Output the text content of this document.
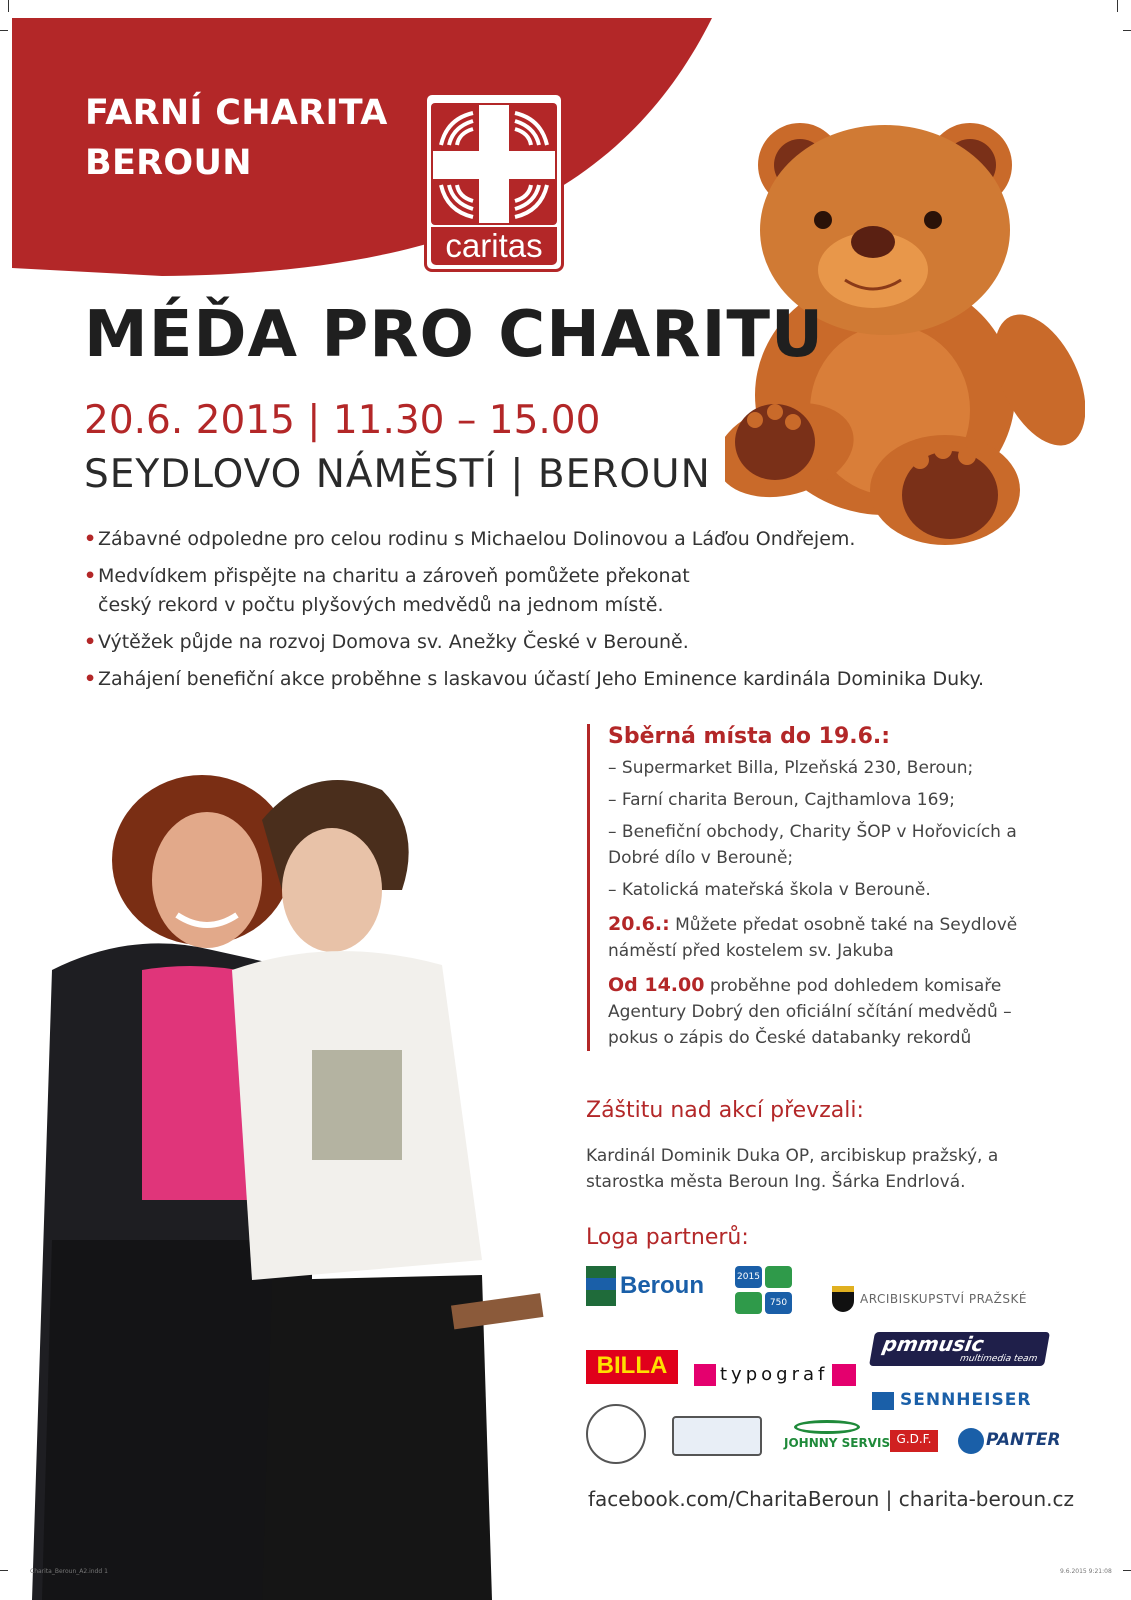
FARNÍ CHARITA
BEROUN
caritas
MÉĎA PRO CHARITU
20.6. 2015 | 11.30 – 15.00
SEYDLOVO NÁMĚSTÍ | BEROUN
• Zábavné odpoledne pro celou rodinu s Michaelou Dolinovou a Láďou Ondřejem.
• Medvídkem přispějte na charitu a zároveň pomůžete překonat český rekord v počtu plyšových medvědů na jednom místě.
• Výtěžek půjde na rozvoj Domova sv. Anežky České v Berouně.
• Zahájení benefiční akce proběhne s laskavou účastí Jeho Eminence kardinála Dominika Duky.
Sběrná místa do 19.6.:
– Supermarket Billa, Plzeňská 230, Beroun;
– Farní charita Beroun, Cajthamlova 169;
– Benefiční obchody, Charity ŠOP v Hořovicích a Dobré dílo v Berouně;
– Katolická mateřská škola v Berouně.

20.6.: Můžete předat osobně také na Seydlově náměstí před kostelem sv. Jakuba

Od 14.00 proběhne pod dohledem komisaře Agentury Dobrý den oficiální sčítání medvědů – pokus o zápis do České databanky rekordů

Záštitu nad akcí převzali:
Kardinál Dominik Duka OP, arcibiskup pražský, a starostka města Beroun Ing. Šárka Endrlová.
Loga partnerů:
Beroun	2015
750	ARCIBISKUPSTVÍ PRAŽSKÉ
pmmusic
multimedia team
BILLA	typograf
SENNHEISER
JOHNNY SERVIS G.D.F.	PANTER
facebook.com/CharitaBeroun | charita-beroun.cz
Charita_Beroun_A2.indd 1	9.6.2015 9:21:08
